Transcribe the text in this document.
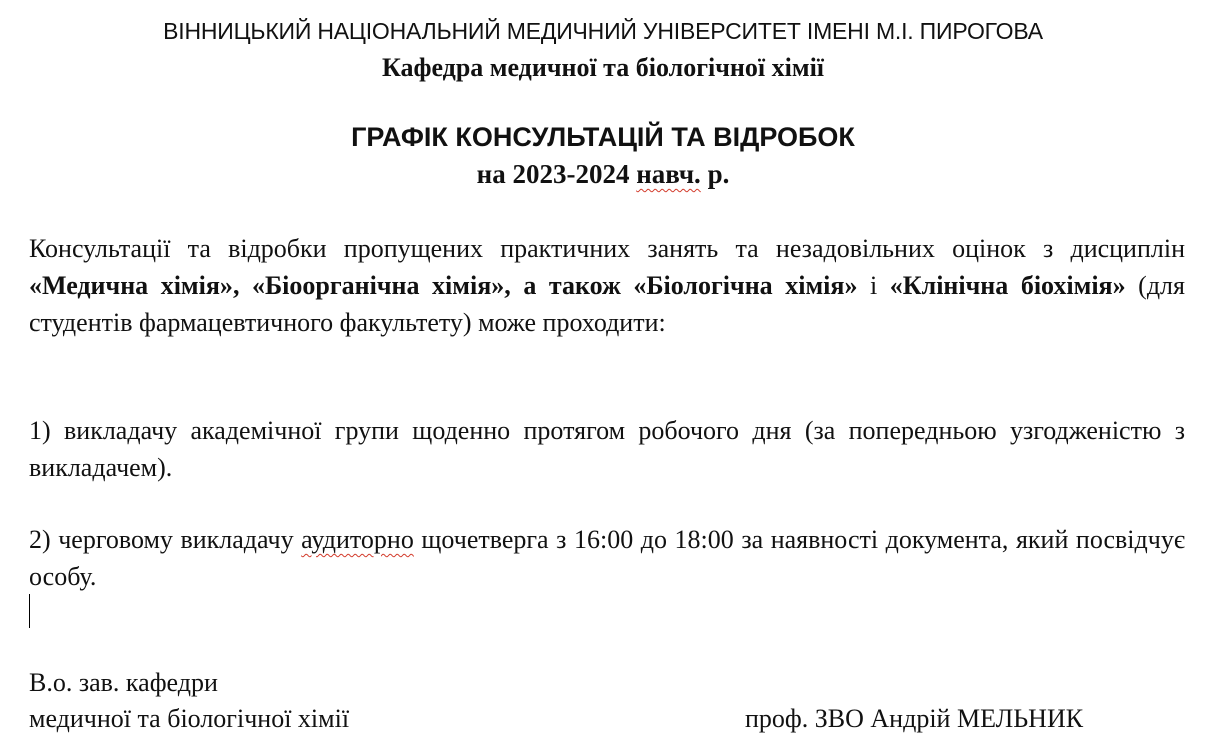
ВІННИЦЬКИЙ НАЦІОНАЛЬНИЙ МЕДИЧНИЙ УНІВЕРСИТЕТ ІМЕНІ М.І. ПИРОГОВА
Кафедра медичної та біологічної хімії
ГРАФІК КОНСУЛЬТАЦІЙ ТА ВІДРОБОК
на 2023-2024 навч. р.

Консультації та відробки пропущених практичних занять та незадовільних оцінок з дисциплін «Медична хімія», «Біоорганічна хімія», а також «Біологічна хімія» і «Клінічна біохімія» (для студентів фармацевтичного факультету) може проходити:

1) викладачу академічної групи щоденно протягом робочого дня (за попередньою узгодженістю з викладачем).

2) черговому викладачу аудиторно щочетверга з 16:00 до 18:00 за наявності документа, який посвідчує особу.

В.о. зав. кафедри
медичної та біологічної хімії	проф. ЗВО Андрій МЕЛЬНИК
